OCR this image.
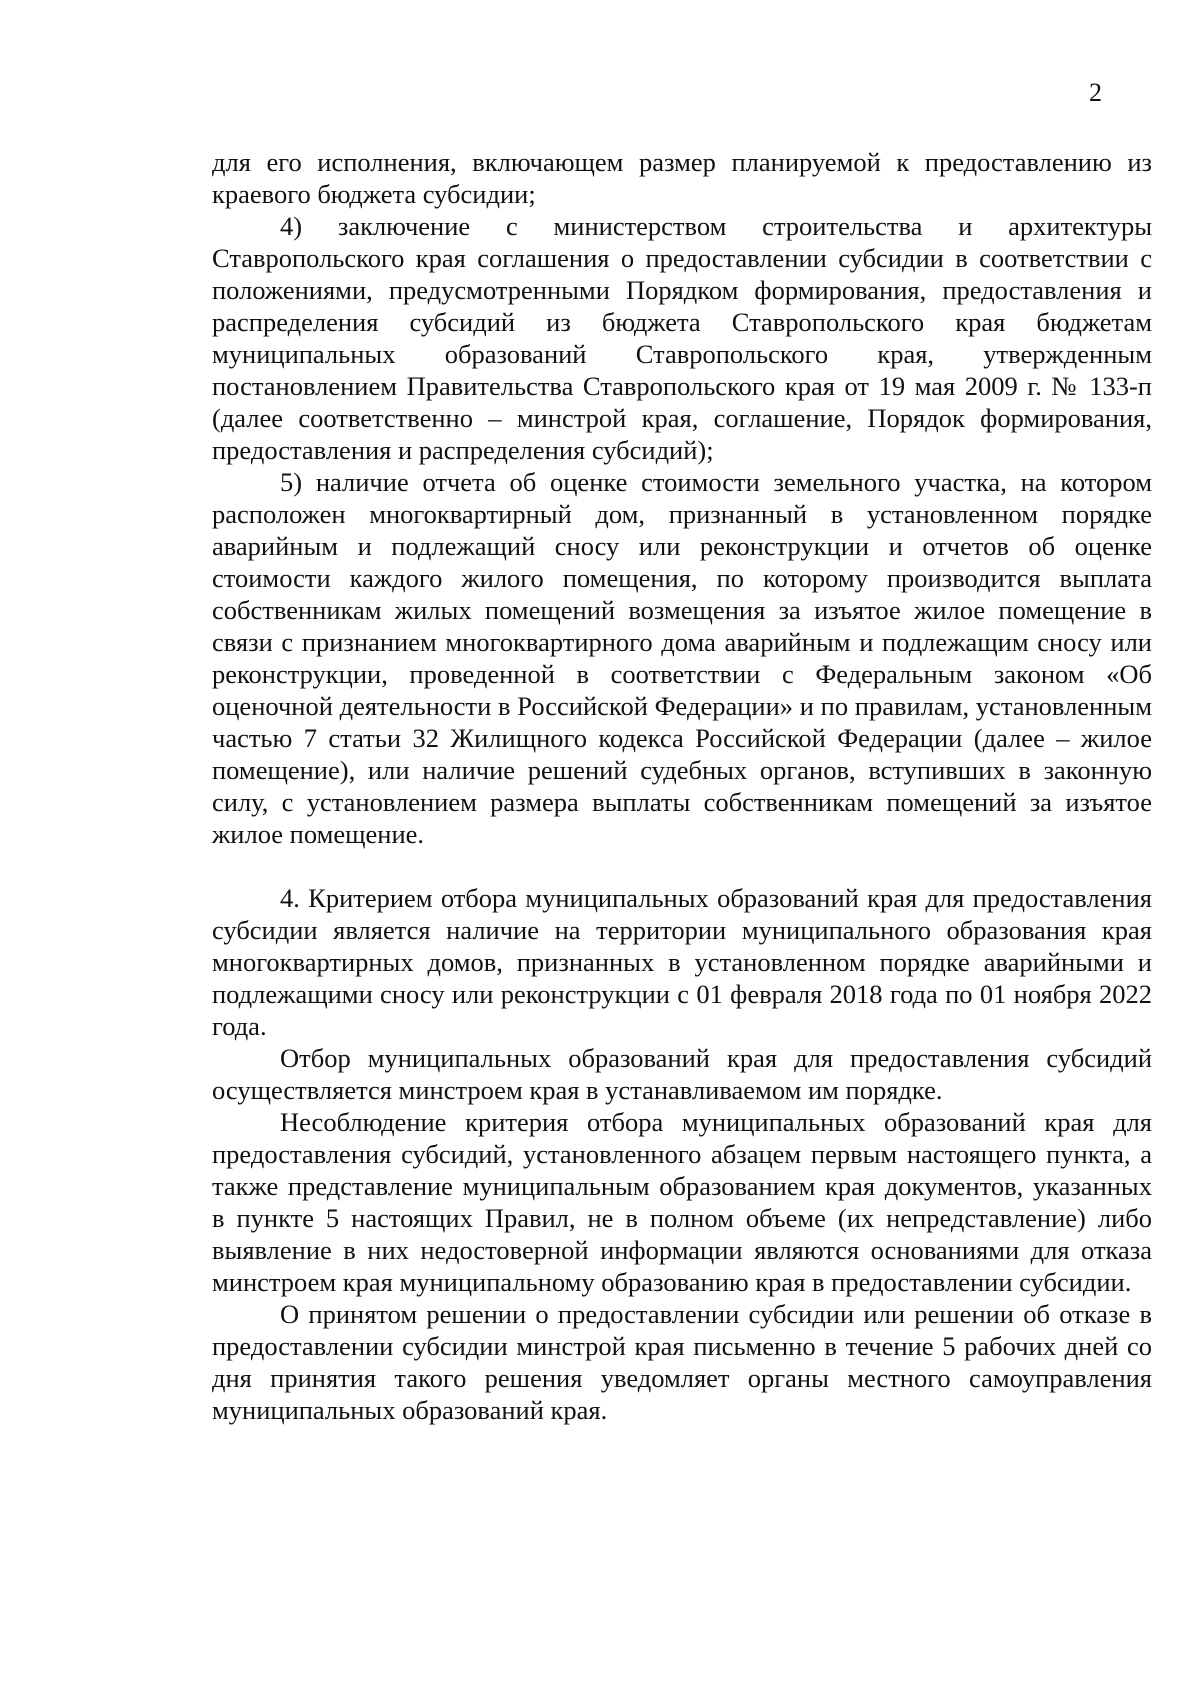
2

для его исполнения, включающем размер планируемой к предоставлению из краевого бюджета субсидии;

4) заключение с министерством строительства и архитектуры Ставропольского края соглашения о предоставлении субсидии в соответствии с положениями, предусмотренными Порядком формирования, предоставления и распределения субсидий из бюджета Ставропольского края бюджетам муниципальных образований Ставропольского края, утвержденным постановлением Правительства Ставропольского края от 19 мая 2009 г. № 133-п (далее соответственно – минстрой края, соглашение, Порядок формирования, предоставления и распределения субсидий);

5) наличие отчета об оценке стоимости земельного участка, на котором расположен многоквартирный дом, признанный в установленном порядке аварийным и подлежащий сносу или реконструкции и отчетов об оценке стоимости каждого жилого помещения, по которому производится выплата собственникам жилых помещений возмещения за изъятое жилое помещение в связи с признанием многоквартирного дома аварийным и подлежащим сносу или реконструкции, проведенной в соответствии с Федеральным законом «Об оценочной деятельности в Российской Федерации» и по правилам, установленным частью 7 статьи 32 Жилищного кодекса Российской Федерации (далее – жилое помещение), или наличие решений судебных органов, вступивших в законную силу, с установлением размера выплаты собственникам помещений за изъятое жилое помещение.

4. Критерием отбора муниципальных образований края для предоставления субсидии является наличие на территории муниципального образования края многоквартирных домов, признанных в установленном порядке аварийными и подлежащими сносу или реконструкции с 01 февраля 2018 года по 01 ноября 2022 года.

Отбор муниципальных образований края для предоставления субсидий осуществляется минстроем края в устанавливаемом им порядке.

Несоблюдение критерия отбора муниципальных образований края для предоставления субсидий, установленного абзацем первым настоящего пункта, а также представление муниципальным образованием края документов, указанных в пункте 5 настоящих Правил, не в полном объеме (их непредставление) либо выявление в них недостоверной информации являются основаниями для отказа минстроем края муниципальному образованию края в предоставлении субсидии.

О принятом решении о предоставлении субсидии или решении об отказе в предоставлении субсидии минстрой края письменно в течение 5 рабочих дней со дня принятия такого решения уведомляет органы местного самоуправления муниципальных образований края.
